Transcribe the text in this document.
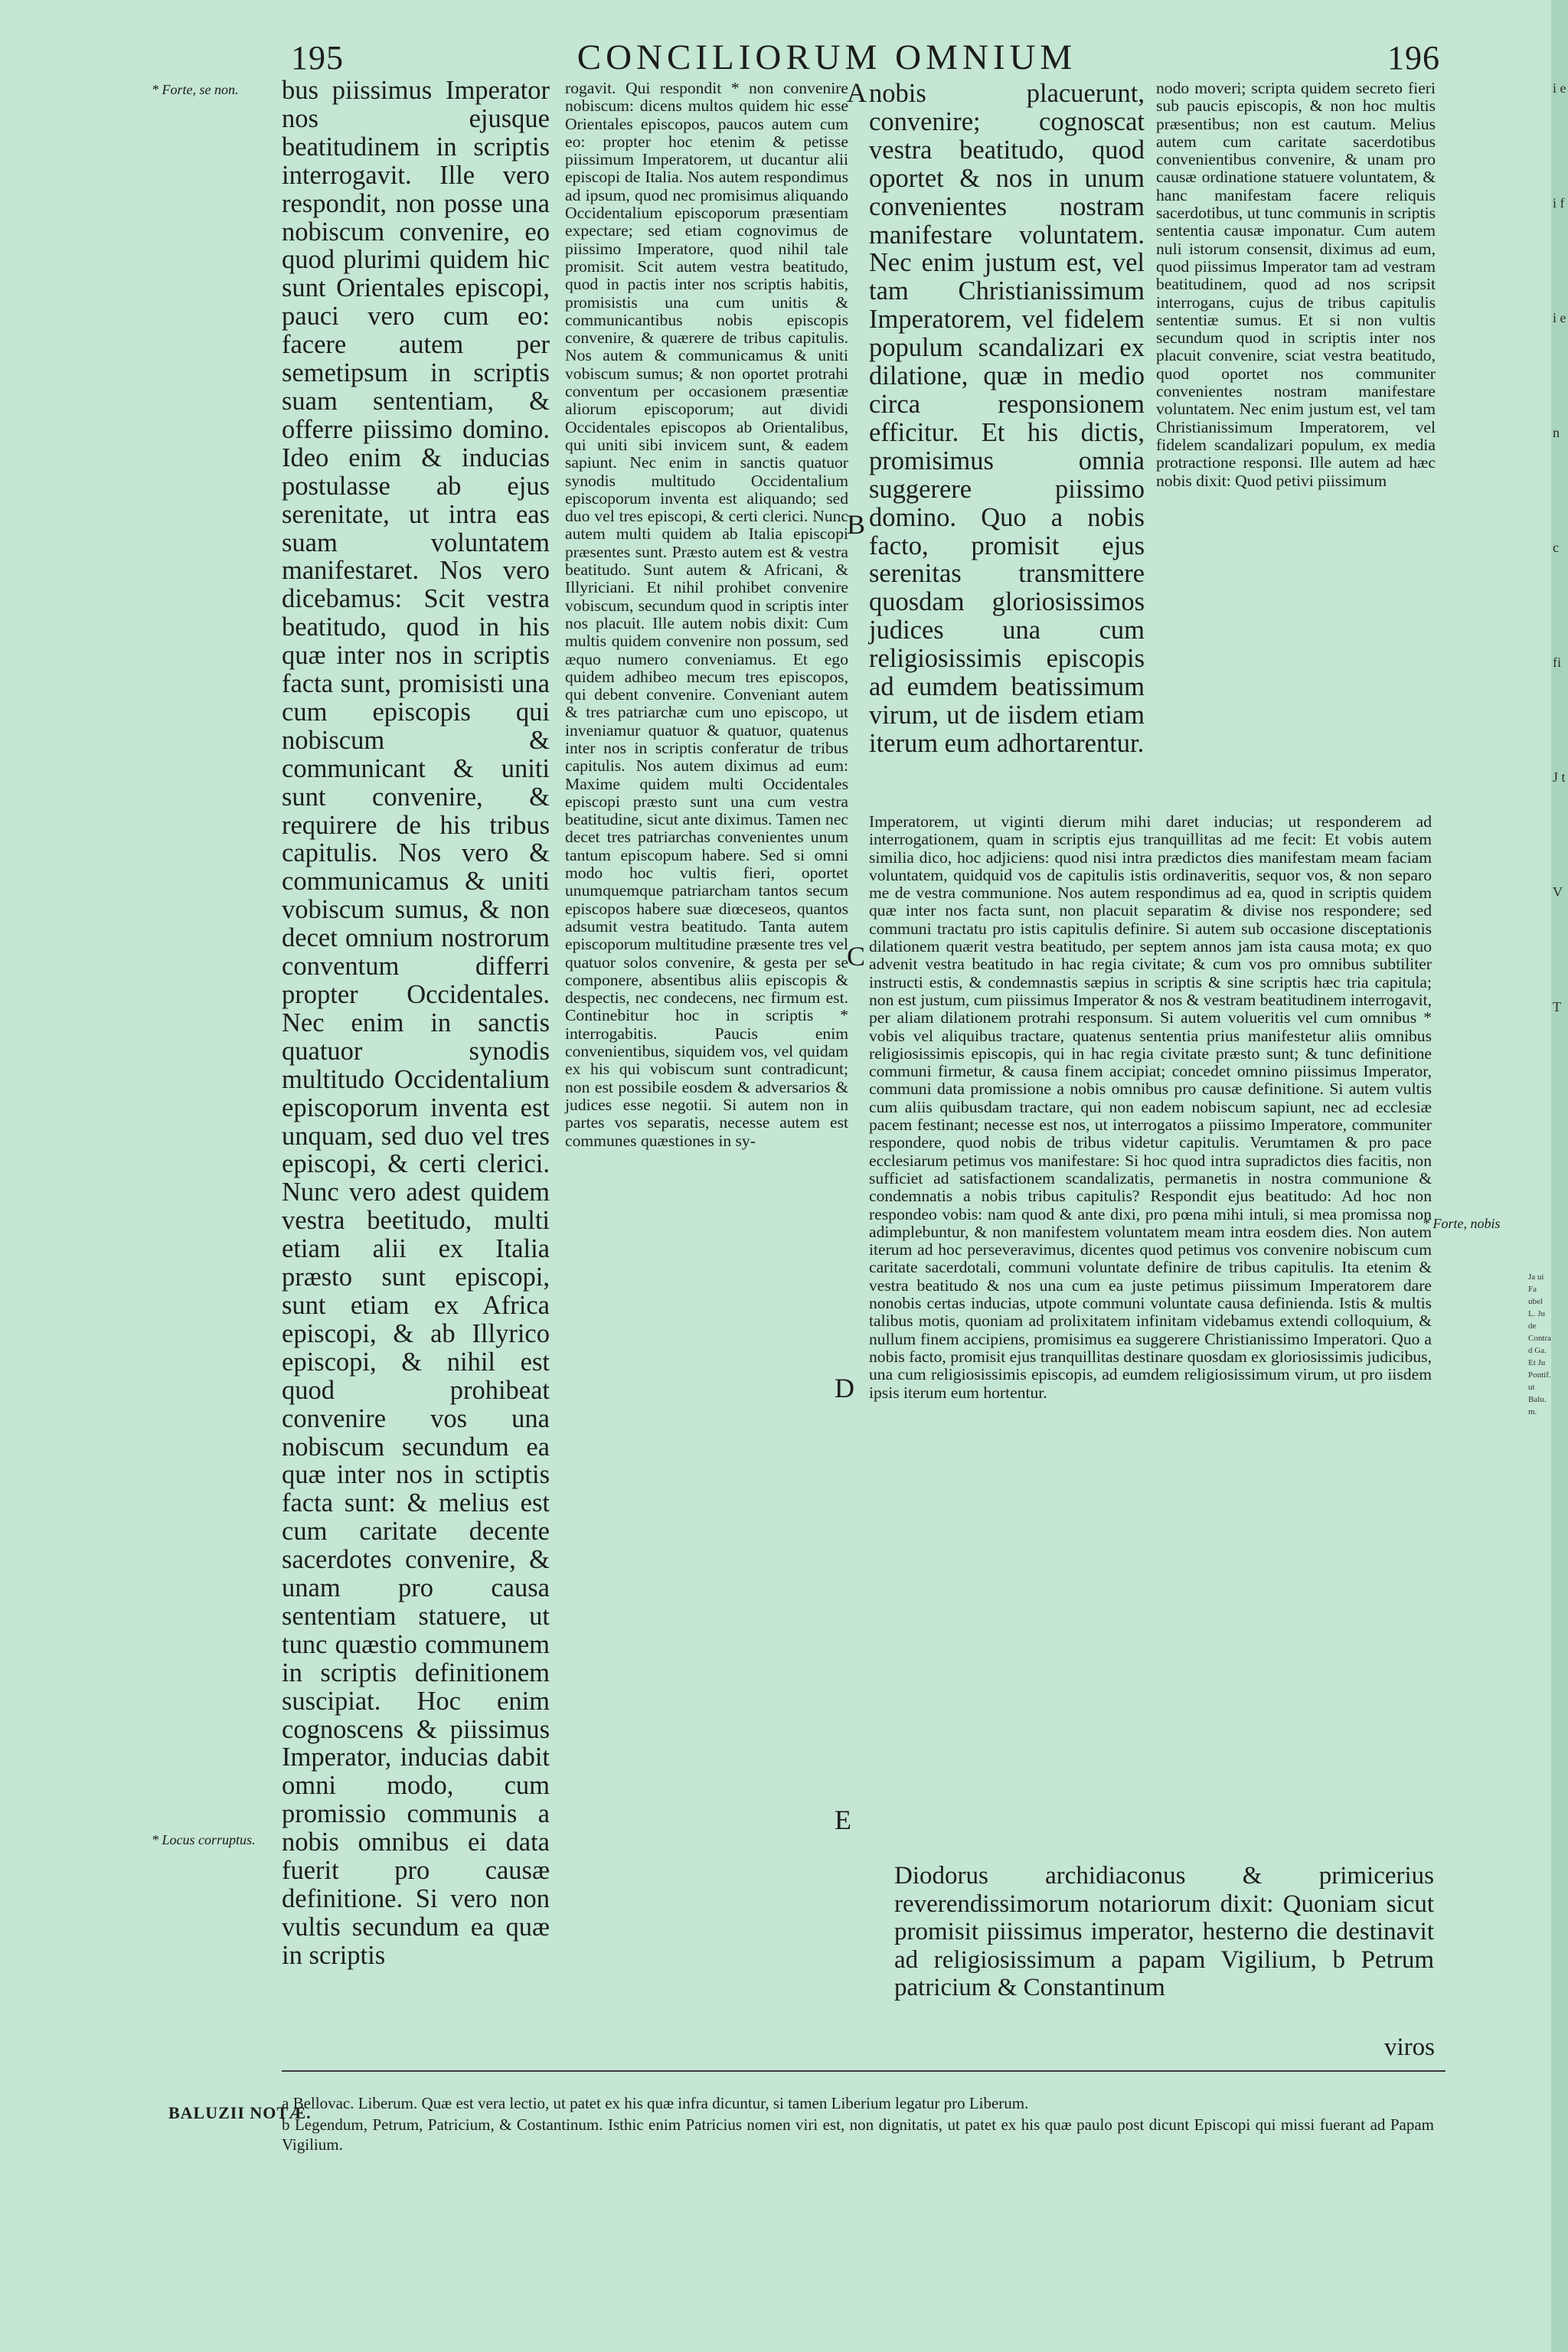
195	CONCILIORUM OMNIUM	196
* Forte, se non.
* Locus corruptus.
* Forte, nobis
bus piissimus Imperator nos ejusque beatitudinem in scriptis interrogavit. Ille vero respondit, non posse una nobiscum convenire, eo quod plurimi quidem hic sunt Orientales episcopi, pauci vero cum eo: facere autem per semetipsum in scriptis suam sententiam, & offerre piissimo domino. Ideo enim & inducias postulasse ab ejus serenitate, ut intra eas suam voluntatem manifestaret. Nos vero dicebamus: Scit vestra beatitudo, quod in his quæ inter nos in scriptis facta sunt, promisisti una cum episcopis qui nobiscum & communicant & uniti sunt convenire, & requirere de his tribus capitulis. Nos vero & communicamus & uniti vobiscum sumus, & non decet omnium nostrorum conventum differri propter Occidentales. Nec enim in sanctis quatuor synodis multitudo Occidentalium episcoporum inventa est unquam, sed duo vel tres episcopi, & certi clerici. Nunc vero adest quidem vestra beetitudo, multi etiam alii ex Italia præsto sunt episcopi, sunt etiam ex Africa episcopi, & ab Illyrico episcopi, & nihil est quod prohibeat convenire vos una nobiscum secundum ea quæ inter nos in sctiptis facta sunt: & melius est cum caritate decente sacerdotes convenire, & unam pro causa sententiam statuere, ut tunc quæstio communem in scriptis definitionem suscipiat. Hoc enim cognoscens & piissimus Imperator, inducias dabit omni modo, cum promissio communis a nobis omnibus ei data fuerit pro causæ definitione. Si vero non vultis secundum ea quæ in scriptis
rogavit. Qui respondit * non convenire nobiscum: dicens multos quidem hic esse Orientales episcopos, paucos autem cum eo: propter hoc etenim & petisse piissimum Imperatorem, ut ducantur alii episcopi de Italia. Nos autem respondimus ad ipsum, quod nec promisimus aliquando Occidentalium episcoporum præsentiam expectare; sed etiam cognovimus de piissimo Imperatore, quod nihil tale promisit. Scit autem vestra beatitudo, quod in pactis inter nos scriptis habitis, promisistis una cum unitis & communicantibus nobis episcopis convenire, & quærere de tribus capitulis. Nos autem & communicamus & uniti vobiscum sumus; & non oportet protrahi conventum per occasionem præsentiæ aliorum episcoporum; aut dividi Occidentales episcopos ab Orientalibus, qui uniti sibi invicem sunt, & eadem sapiunt. Nec enim in sanctis quatuor synodis multitudo Occidentalium episcoporum inventa est aliquando; sed duo vel tres episcopi, & certi clerici. Nunc autem multi quidem ab Italia episcopi præsentes sunt. Præsto autem est & vestra beatitudo. Sunt autem & Africani, & Illyriciani. Et nihil prohibet convenire vobiscum, secundum quod in scriptis inter nos placuit. Ille autem nobis dixit: Cum multis quidem convenire non possum, sed æquo numero conveniamus. Et ego quidem adhibeo mecum tres episcopos, qui debent convenire. Conveniant autem & tres patriarchæ cum uno episcopo, ut inveniamur quatuor & quatuor, quatenus inter nos in scriptis conferatur de tribus capitulis. Nos autem diximus ad eum: Maxime quidem multi Occidentales episcopi præsto sunt una cum vestra beatitudine, sicut ante diximus. Tamen nec decet tres patriarchas convenientes unum tantum episcopum habere. Sed si omni modo hoc vultis fieri, oportet unumquemque patriarcham tantos secum episcopos habere suæ diœceseos, quantos adsumit vestra beatitudo. Tanta autem episcoporum multitudine præsente tres vel quatuor solos convenire, & gesta per se componere, absentibus aliis episcopis & despectis, nec condecens, nec firmum est. Continebitur hoc in scriptis * interrogabitis. Paucis enim convenientibus, siquidem vos, vel quidam ex his qui vobiscum sunt contradicunt; non est possibile eosdem & adversarios & judices esse negotii. Si autem non in partes vos separatis, necesse autem est communes quæstiones in sy-
A
B
C
D
E
nobis placuerunt, convenire; cognoscat vestra beatitudo, quod oportet & nos in unum convenientes nostram manifestare voluntatem. Nec enim justum est, vel tam Christianissimum Imperatorem, vel fidelem populum scandalizari ex dilatione, quæ in medio circa responsionem efficitur. Et his dictis, promisimus omnia suggerere piissimo domino. Quo a nobis facto, promisit ejus serenitas transmittere quosdam gloriosissimos judices una cum religiosissimis episcopis ad eumdem beatissimum virum, ut de iisdem etiam iterum eum adhortarentur.
nodo moveri; scripta quidem secreto fieri sub paucis episcopis, & non hoc multis præsentibus; non est cautum. Melius autem cum caritate sacerdotibus convenientibus convenire, & unam pro causæ ordinatione statuere voluntatem, & hanc manifestam facere reliquis sacerdotibus, ut tunc communis in scriptis sententia causæ imponatur. Cum autem nuli istorum consensit, diximus ad eum, quod piissimus Imperator tam ad vestram beatitudinem, quod ad nos scripsit interrogans, cujus de tribus capitulis sententiæ sumus. Et si non vultis secundum quod in scriptis inter nos placuit convenire, sciat vestra beatitudo, quod oportet nos communiter convenientes nostram manifestare voluntatem. Nec enim justum est, vel tam Christianissimum Imperatorem, vel fidelem scandalizari populum, ex media protractione responsi. Ille autem ad hæc nobis dixit: Quod petivi piissimum
Imperatorem, ut viginti dierum mihi daret inducias; ut responderem ad interrogationem, quam in scriptis ejus tranquillitas ad me fecit: Et vobis autem similia dico, hoc adjiciens: quod nisi intra prædictos dies manifestam meam faciam voluntatem, quidquid vos de capitulis istis ordinaveritis, sequor vos, & non separo me de vestra communione. Nos autem respondimus ad ea, quod in scriptis quidem quæ inter nos facta sunt, non placuit separatim & divise nos respondere; sed communi tractatu pro istis capitulis definire. Si autem sub occasione disceptationis dilationem quærit vestra beatitudo, per septem annos jam ista causa mota; ex quo advenit vestra beatitudo in hac regia civitate; & cum vos pro omnibus subtiliter instructi estis, & condemnastis sæpius in scriptis & sine scriptis hæc tria capitula; non est justum, cum piissimus Imperator & nos & vestram beatitudinem interrogavit, per aliam dilationem protrahi responsum. Si autem volueritis vel cum omnibus * vobis vel aliquibus tractare, quatenus sententia prius manifestetur aliis omnibus religiosissimis episcopis, qui in hac regia civitate præsto sunt; & tunc definitione communi firmetur, & causa finem accipiat; concedet omnino piissimus Imperator, communi data promissione a nobis omnibus pro causæ definitione. Si autem vultis cum aliis quibusdam tractare, qui non eadem nobiscum sapiunt, nec ad ecclesiæ pacem festinant; necesse est nos, ut interrogatos a piissimo Imperatore, communiter respondere, quod nobis de tribus videtur capitulis. Verumtamen & pro pace ecclesiarum petimus vos manifestare: Si hoc quod intra supradictos dies facitis, non sufficiet ad satisfactionem scandalizatis, permanetis in nostra communione & condemnatis a nobis tribus capitulis? Respondit ejus beatitudo: Ad hoc non respondeo vobis: nam quod & ante dixi, pro pœna mihi intuli, si mea promissa non adimplebuntur, & non manifestem voluntatem meam intra eosdem dies. Non autem iterum ad hoc perseveravimus, dicentes quod petimus vos convenire nobiscum cum caritate sacerdotali, communi voluntate definire de tribus capitulis. Ita etenim & vestra beatitudo & nos una cum ea juste petimus piissimum Imperatorem dare nonobis certas inducias, utpote communi voluntate causa definienda. Istis & multis talibus motis, quoniam ad prolixitatem infinitam videbamus extendi colloquium, & nullum finem accipiens, promisimus ea suggerere Christianissimo Imperatori. Quo a nobis facto, promisit ejus tranquillitas destinare quosdam ex gloriosissimis judicibus, una cum religiosissimis episcopis, ad eumdem religiosissimum virum, ut pro iisdem ipsis iterum eum hortentur.
Diodorus archidiaconus & primicerius reverendissimorum notariorum dixit: Quoniam sicut promisit piissimus imperator, hesterno die destinavit ad religiosissimum a papam Vigilium, b Petrum patricium & Constantinum
viros
BALUZII NOTÆ.
a Bellovac. Liberum. Quæ est vera lectio, ut patet ex his quæ infra dicuntur, si tamen Liberium legatur pro Liberum.
b Legendum, Petrum, Patricium, & Costantinum. Isthic enim Patricius nomen viri est, non dignitatis, ut patet ex his quæ paulo post dicunt Episcopi qui missi fuerant ad Papam Vigilium.
Ja ui Fa ubel L. Ju de Contra d Ga. Et Ju Pontif. ut Balu. m.
i e i fi e n c fi J t V T
